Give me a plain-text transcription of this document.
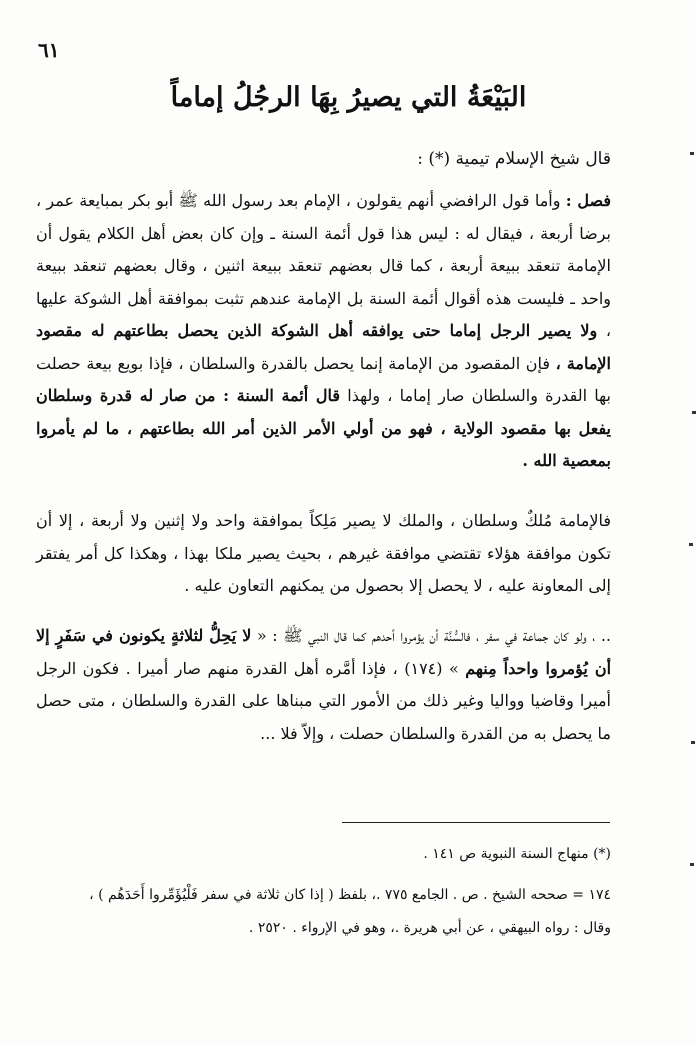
٦١
البَيْعَةُ التي يصيرُ بِهَا الرجُلُ إماماً
قال شيخ الإسلام تيمية (*) :
فصل : وأما قول الرافضي أنهم يقولون ، الإمام بعد رسول الله ﷺ أبو بكر بمبايعة عمر ، برضا أربعة ، فيقال له : ليس هذا قول أئمة السنة ـ وإن كان بعض أهل الكلام يقول أن الإمامة تنعقد ببيعة أربعة ، كما قال بعضهم تنعقد ببيعة اثنين ، وقال بعضهم تنعقد ببيعة واحد ـ فليست هذه أقوال أئمة السنة بل الإمامة عندهم تثبت بموافقة أهل الشوكة عليها ، ولا يصير الرجل إماما حتى يوافقه أهل الشوكة الذين يحصل بطاعتهم له مقصود الإمامة ، فإن المقصود من الإمامة إنما يحصل بالقدرة والسلطان ، فإذا بويع بيعة حصلت بها القدرة والسلطان صار إماما ، ولهذا قال أئمة السنة : من صار له قدرة وسلطان يفعل بها مقصود الولاية ، فهو من أولي الأمر الذين أمر الله بطاعتهم ، ما لم يأمروا بمعصية الله .
فالإمامة مُلكٌ وسلطان ، والملك لا يصير مَلِكاً بموافقة واحد ولا إثنين ولا أربعة ، إلا أن تكون موافقة هؤلاء تقتضي موافقة غيرهم ، بحيث يصير ملكا بهذا ، وهكذا كل أمر يفتقر إلى المعاونة عليه ، لا يحصل إلا بحصول من يمكنهم التعاون عليه .
.. ، ولو كان جماعة في سفر ، فالسُّنَّة أن يؤمروا أحدهم كما قال النبي ﷺ : « لا يَحِلُّ لثلاثةٍ يكونون في سَفَرٍ إلا أن يُؤمروا واحداً مِنهم » (١٧٤) ، فإذا أمَّره أهل القدرة منهم صار أميرا . فكون الرجل أميرا وقاضيا وواليا وغير ذلك من الأمور التي مبناها على القدرة والسلطان ، متى حصل ما يحصل به من القدرة والسلطان حصلت ، وإلاّ فلا ...
(*) منهاج السنة النبوية ص ١٤١ .
١٧٤ = صححه الشيخ . ص . الجامع ٧٧٥ .، بلفظ ( إذا كان ثلاثة في سفر فَلْيُؤَمِّروا أَحَدَهُم ) ،
وقال : رواه البيهقي ، عن أبي هريرة .، وهو في الإرواء . ٢٥٢٠ .
